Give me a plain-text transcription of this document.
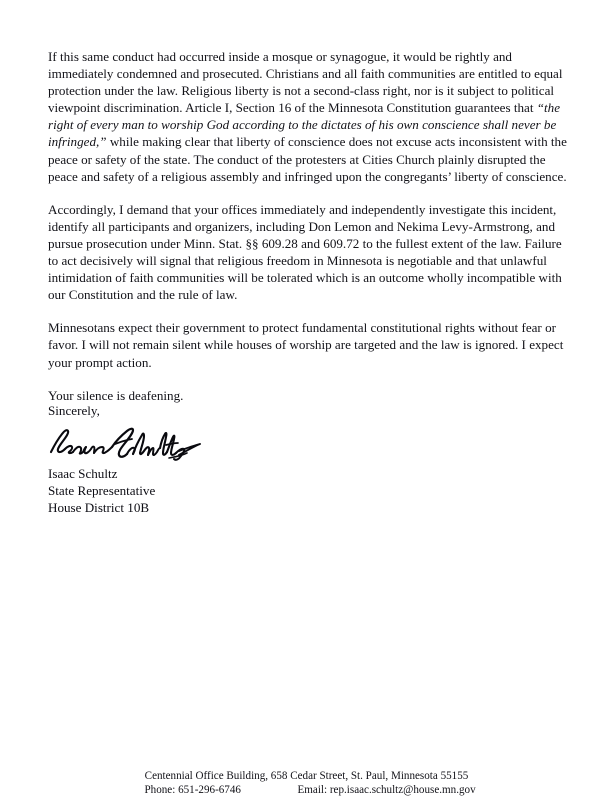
If this same conduct had occurred inside a mosque or synagogue, it would be rightly and immediately condemned and prosecuted. Christians and all faith communities are entitled to equal protection under the law. Religious liberty is not a second-class right, nor is it subject to political viewpoint discrimination. Article I, Section 16 of the Minnesota Constitution guarantees that “the right of every man to worship God according to the dictates of his own conscience shall never be infringed,” while making clear that liberty of conscience does not excuse acts inconsistent with the peace or safety of the state. The conduct of the protesters at Cities Church plainly disrupted the peace and safety of a religious assembly and infringed upon the congregants’ liberty of conscience.

Accordingly, I demand that your offices immediately and independently investigate this incident, identify all participants and organizers, including Don Lemon and Nekima Levy-Armstrong, and pursue prosecution under Minn. Stat. §§ 609.28 and 609.72 to the fullest extent of the law. Failure to act decisively will signal that religious freedom in Minnesota is negotiable and that unlawful intimidation of faith communities will be tolerated which is an outcome wholly incompatible with our Constitution and the rule of law.

Minnesotans expect their government to protect fundamental constitutional rights without fear or favor. I will not remain silent while houses of worship are targeted and the law is ignored. I expect your prompt action.

Your silence is deafening.

Sincerely,

Isaac Schultz

State Representative

House District 10B

Centennial Office Building, 658 Cedar Street, St. Paul, Minnesota 55155

Phone: 651-296-6746	Email: rep.isaac.schultz@house.mn.gov
